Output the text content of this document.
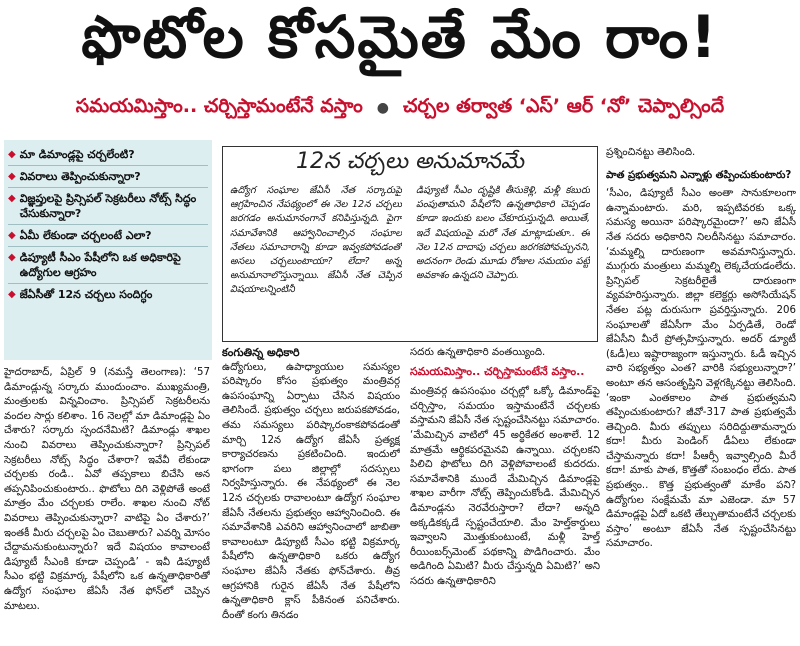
ఫొటోల కోసమైతే మేం రాం!
సమయమిస్తాం.. చర్చిస్తామంటేనే వస్తాం ● చర్చల తర్వాత ‘ఎస్’ ఆర్ ‘నో’ చెప్పాల్సిందే
◆ మా డిమాండ్లపై చర్చలేంటి?
◆ వివరాలు తెప్పించుకున్నారా?
◆ విజ్ఞప్తులపై ప్రిన్సిపల్ సెక్రటరీలు నోట్స్ సిద్ధం చేసుకున్నారా?
◆ ఏమీ లేకుండా చర్చలంటే ఎలా?
◆ డిప్యూటీ సీఎం పేషీలోని ఒక అధికారిపై ఉద్యోగుల ఆగ్రహం
◆ జేఏసీతో 12న చర్చలు సందిగ్ధం
12న చర్చలు అనుమానమే
ఉద్యోగ సంఘాల జేఏసీ నేత సర్కారుపై ఆగ్రహించిన నేపథ్యంలో ఈ నెల 12న చర్చలు జరగడం అనుమానంగానే కనిపిస్తున్నది. పైగా సమావేశానికి ఆహ్వానించాల్సిన సంఘాల నేతలు సమాచారాన్ని కూడా ఇవ్వకపోవడంతో అసలు చర్చలుంటాయా? లేదా? అన్న అనుమానాలొస్తున్నాయి. జేఏసీ నేత చెప్పిన విషయాలన్నింటినీ
డిప్యూటీ సీఎం దృష్టికి తీసుకెళ్లి, మళ్లీ కబురు పంపుతామని పేషీలోని ఉన్నతాధికారి చెప్పడం కూడా ఇందుకు బలం చేకూరుస్తున్నది. అయితే, ఇదే విషయంపై మరో నేత మాట్లాడుతూ.. ఈ నెల 12న దాదాపు చర్చలు జరగకపోవచ్చునని, అదనంగా రెండు మూడు రోజుల సమయం పట్టే అవకాశం ఉన్నదని చెప్పారు.

హైదరాబాద్, ఏప్రిల్ 9 (నమస్తే తెలంగాణ): ‘57 డిమాండ్లున్న సర్కారు ముందుంచాం. ముఖ్యమంత్రి, మంత్రులకు విన్నవించాం. ప్రిన్సిపల్ సెక్రటరీలను వందల సార్లు కలిశాం. 16 నెలల్లో మా డిమాండ్లపై ఏం చేశారు? సర్కారు స్పందనేమిటి? డిమాండ్లు శాఖల నుంచి వివరాలు తెప్పించుకున్నారా? ప్రిన్సిపల్ సెక్రటరీలు నోట్స్ సిద్ధం చేశారా? ఇవేవీ లేకుండా చర్చలకు రండి.. ఏవో తప్పకాలు బిచేసి అన తప్పనిపించుకుంటారు.. ఫొటోలు దిగి వెళ్లిపోతే అంటే మాత్రం మేం చర్చలకు రాలేం. శాఖల నుంచి నోట్ వివరాలు తెప్పించుకున్నారా? వాటిపై ఏం చేశారు?’ ఇంతకీ మీరు చర్చలపై ఏం చెబుతారు? ఎవర్ని మోసం చేద్దామనుకుంటున్నారు? ఇదే విషయం కావాలంటే డిప్యూటీ సీఎంకి కూడా చెప్పండి’ - ఇవీ డిప్యూటీ సీఎం భట్టి విక్రమార్క పేషీలోని ఒక ఉన్నతాధికారితో ఉద్యోగ సంఘాల జేఏసీ నేత ఫోన్‌లో చెప్పిన మాటలు.

కంగుతిన్న అధికారి

ఉద్యోగులు, ఉపాధ్యాయుల సమస్యల పరిష్కారం కోసం ప్రభుత్వం మంత్రివర్గ ఉపసంఘాన్ని ఏర్పాటు చేసిన విషయం తెలిసిందే. ప్రభుత్వం చర్చలు జరుపకపోవడం, తమ సమస్యలు పరిష్కారంకాకపోవడంతో మార్చి 12న ఉద్యోగ జేఏసీ ప్రత్యక్ష కార్యాచరణను ప్రకటించింది. ఇందులో భాగంగా పలు జిల్లాల్లో సదస్సులు నిర్వహిస్తున్నారు. ఈ నేపథ్యంలో ఈ నెల 12న చర్చలకు రావాలంటూ ఉద్యోగ సంఘాల జేఏసీ నేతలను ప్రభుత్వం ఆహ్వానించింది. ఈ సమావేశానికి ఎవరిని ఆహ్వానించాలో జాబితా కావాలంటూ డిప్యూటీ సీఎం భట్టి విక్రమార్క పేషీలోని ఉన్నతాధికారి ఒకరు ఉద్యోగ సంఘాల జేఏసీ నేతకు ఫోన్‌చేశారు. తీవ్ర ఆగ్రహానికి గురైన జేఏసీ నేత పేషీలోని ఉన్నతాధికారి క్లాస్ పీకినంత పనిచేశారు. దీంతో కంగు తినడం

సదరు ఉన్నతాధికారి వంతయ్యింది.

సమయమిస్తాం.. చర్చిస్తామంటేనే వస్తాం..

మంత్రివర్గ ఉపసంఘం చర్చల్లో ఒక్కో డిమాండ్‌పై చర్చిస్తాం, సమయం ఇస్తామంటేనే చర్చలకు వస్తామని జేఏసీ నేత స్పష్టంచేసినట్టు సమాచారం. ‘మేమిచ్చిన వాటిలో 45 అర్థికేతర అంశాలే. 12 మాత్రమే ఆర్థికపరమైనవి ఉన్నాయి. చర్చలకని పిలిచి ఫొటోలు దిగి వెళ్లిపోవాలంటే కుదరదు. సమావేశానికి ముందే మేమిచ్చిన డిమాండ్లపై శాఖల వారీగా నోట్స్ తెప్పించుకోండి. మేమిచ్చిన డిమాండ్లను నెరవేరుస్తారా? లేదా? అన్నది అక్కడికక్కడే స్పష్టంచేయాలి. మేం హెల్త్‌కార్డులు ఇవ్వాలని మొత్తుకుంటుంటే, మళ్లీ హెల్త్ రీయింబర్స్‌మెంట్ పథకాన్ని పొడిగించారు. మేం అడిగింది ఏమిటి? మీరు చేస్తున్నది ఏమిటి?’ అని సదరు ఉన్నతాధికారిని

ప్రశ్నించినట్టు తెలిసింది.

పాత ప్రభుత్వమని ఎన్నాళ్లు తప్పించుకుంటారు?

‘సీఎం, డిప్యూటీ సీఎం అంతా సానుకూలంగా ఉన్నామంటారు. మరి, ఇప్పటివరకు ఒక్క సమస్య అయినా పరిష్కారమైందా?’ అని జేఏసీ నేత సదరు అధికారిని నిలదీసినట్టు సమాచారం. ‘మమ్మల్ని దారుణంగా అవమానిస్తున్నారు. ముగ్గురు మంత్రులు మమ్మల్ని లెక్కచేయడంలేదు. ప్రిన్సిపల్ సెక్రటరీలైతే దారుణంగా వ్యవహరిస్తున్నారు. జిల్లా కలెక్టర్లు అసోసియేషన్ నేతల పట్ల దురుసుగా ప్రవర్తిస్తున్నారు. 206 సంఘాలతో జేఏసీగా మేం ఏర్పడితే, రెండో జేఏసీని మీరే ప్రోత్సహిస్తున్నారు. అదర్ డ్యూటీ (ఓడీ)లు ఇష్టారాజ్యంగా ఇస్తున్నారు. ఓడీ ఇచ్చిన వారి సభ్యత్వం ఎంత? వారికి సభ్యులున్నారా?’ అంటూ తన ఆసంతృప్తిని వెళ్లగక్కినట్టు తెలిసింది. ‘ఇంకా ఎంతకాలం పాత ప్రభుత్వమని తప్పించుకుంటారు? జీవో-317 పాత ప్రభుత్వమే తెచ్చింది. మీరు తప్పులు సరిదిద్దుతామన్నారు కదా! మీరు పెండింగ్ డీఏలు లేకుండా చేస్తామన్నారు కదా! పీఆర్సీ ఇవ్వాల్సింది మీరే కదా! మాకు పాత, కొత్తతో సంబంధం లేదు. పాత ప్రభుత్వం.. కొత్త ప్రభుత్వంతో మాకేం పని? ఉద్యోగుల సంక్షేమమే మా ఎజెండా. మా 57 డిమాండ్లపై ఏదో ఒకటి తేల్చుతామంటేనే చర్చలకు వస్తాం’ అంటూ జేఏసీ నేత స్పష్టంచేసినట్టు సమాచారం.
